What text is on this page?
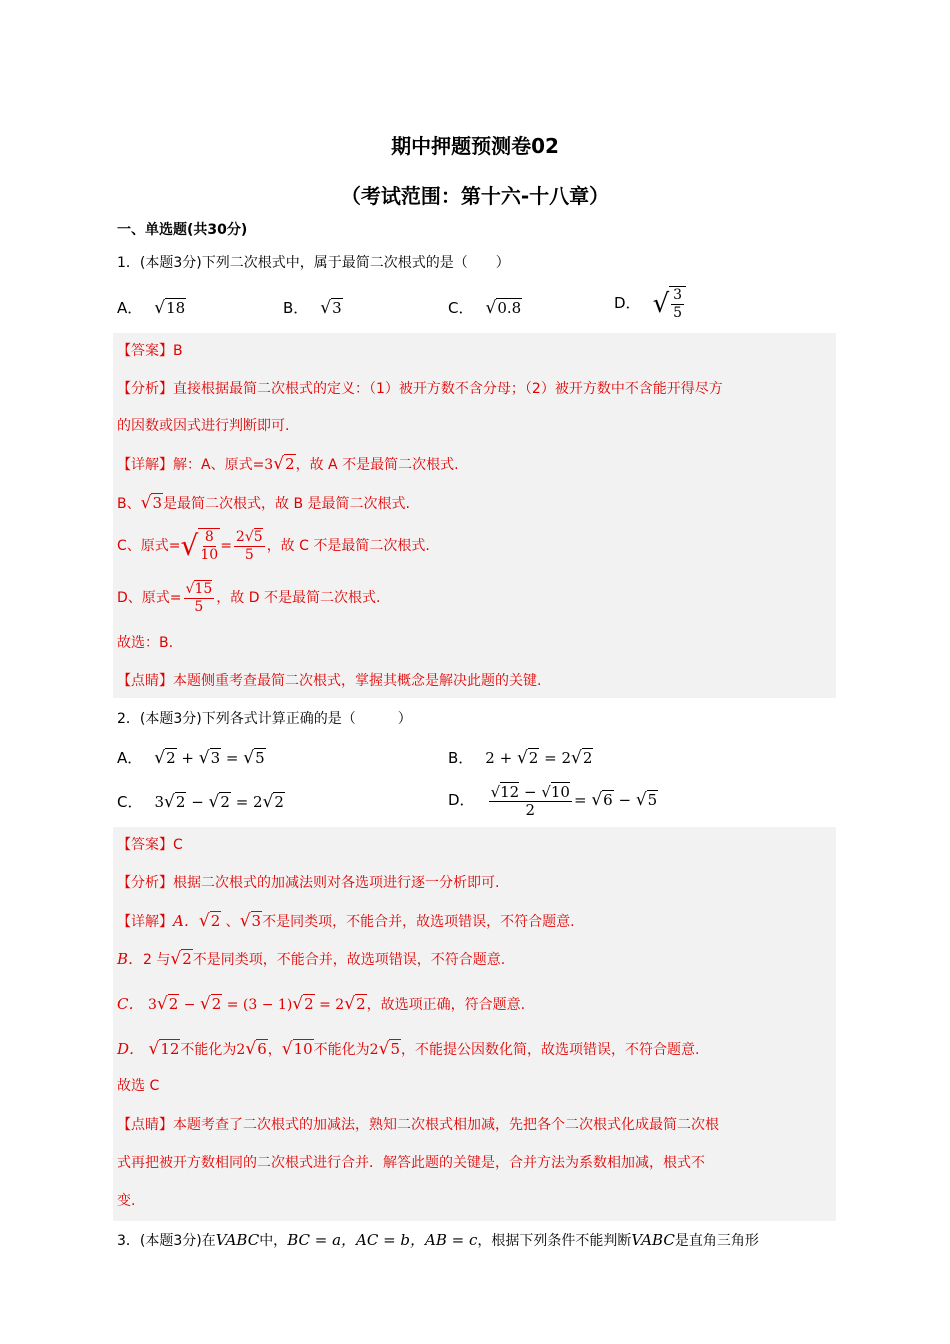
期中押题预测卷02
（考试范围：第十六-十八章）
一、单选题(共30分)
1．(本题3分)下列二次根式中，属于最简二次根式的是（　　）
A． √18	B． √3	C． √0.8	D． √ $\frac{3}{5}$
【答案】B
【分析】直接根据最简二次根式的定义：（1）被开方数不含分母；（2）被开方数中不含能开得尽方
的因数或因式进行判断即可.
【详解】解：A、原式=3√2，故 A 不是最简二次根式.
B、√3是最简二次根式，故 B 是最简二次根式.
C、原式=√ $\frac{8}{10} = \frac{2√5}{5}$ ，故 C 不是最简二次根式.
D、原式= $\frac{√15}{5}$ ，故 D 不是最简二次根式.
故选：B.
【点睛】本题侧重考查最简二次根式，掌握其概念是解决此题的关键.
2．(本题3分)下列各式计算正确的是（　　　）
A． √2 + √3 = √5	B． 2 + √2 = 2√2
C． 3√2 − √2 = 2√2	D． $\frac{√12 - √10}{2} = √6 - √5$
【答案】C
【分析】根据二次根式的加减法则对各选项进行逐一分析即可.
【详解】A．√2 、√3不是同类项，不能合并，故选项错误，不符合题意.
B．2 与√2不是同类项，不能合并，故选项错误，不符合题意.
C． 3√2 − √2 = (3 − 1)√2 = 2√2，故选项正确，符合题意.
D． √12不能化为2√6，√10不能化为2√5，不能提公因数化简，故选项错误，不符合题意.
故选 C
【点睛】本题考查了二次根式的加减法，熟知二次根式相加减，先把各个二次根式化成最简二次根
式再把被开方数相同的二次根式进行合并．解答此题的关键是，合并方法为系数相加减，根式不
变.
3．(本题3分)在VABC中，BC = a，AC = b，AB = c，根据下列条件不能判断VABC是直角三角形
